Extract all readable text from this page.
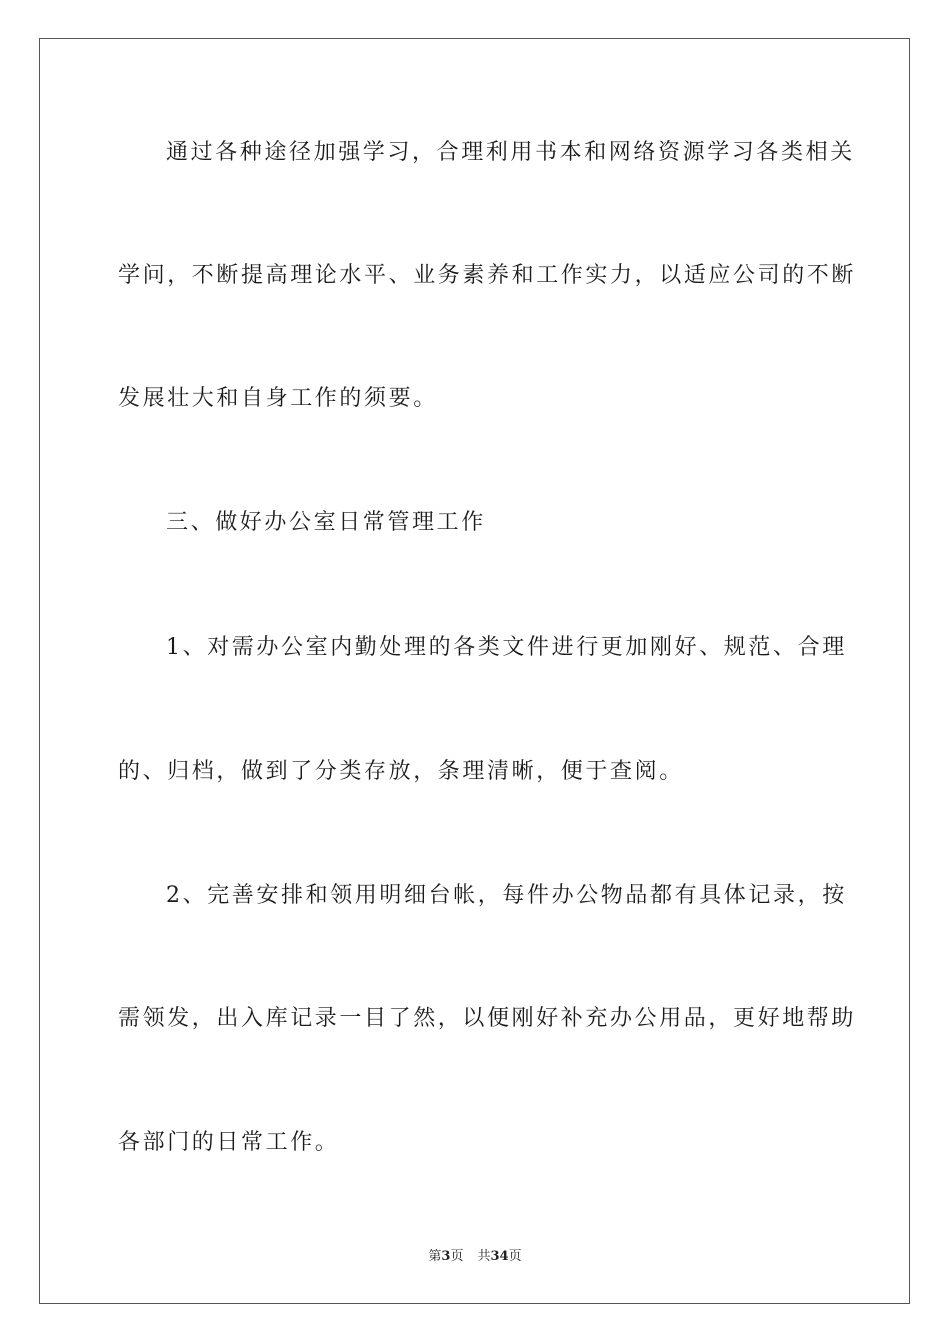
通过各种途径加强学习，合理利用书本和网络资源学习各类相关
学问，不断提高理论水平、业务素养和工作实力，以适应公司的不断
发展壮大和自身工作的须要。
三、做好办公室日常管理工作
1、对需办公室内勤处理的各类文件进行更加刚好、规范、合理
的、归档，做到了分类存放，条理清晰，便于查阅。
2、完善安排和领用明细台帐，每件办公物品都有具体记录，按
需领发，出入库记录一目了然，以便刚好补充办公用品，更好地帮助
各部门的日常工作。
第3页 共34页
